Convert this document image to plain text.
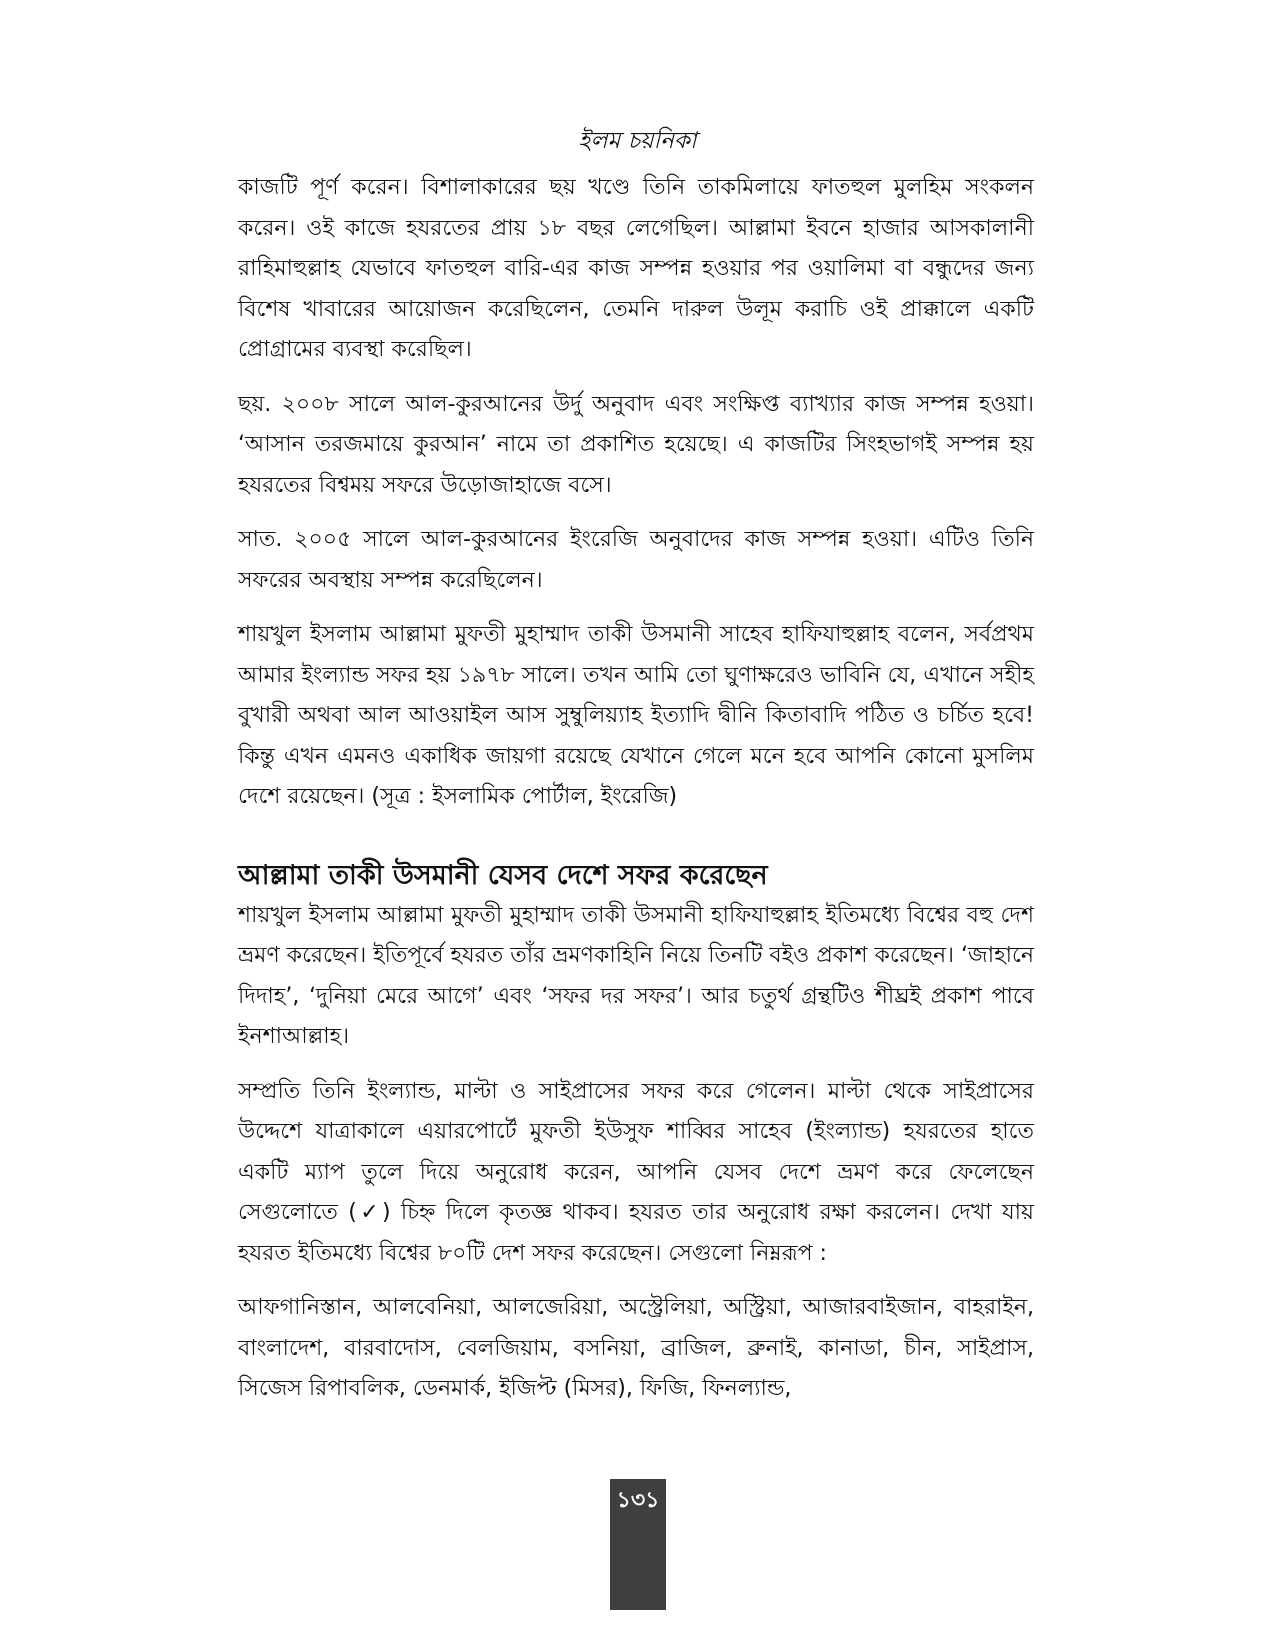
ইলম চয়নিকা

কাজটি পূর্ণ করেন। বিশালাকারের ছয় খণ্ডে তিনি তাকমিলায়ে ফাতহুল মুলহিম সংকলন করেন। ওই কাজে হযরতের প্রায় ১৮ বছর লেগেছিল। আল্লামা ইবনে হাজার আসকালানী রাহিমাহুল্লাহ যেভাবে ফাতহুল বারি-এর কাজ সম্পন্ন হওয়ার পর ওয়ালিমা বা বন্ধুদের জন্য বিশেষ খাবারের আয়োজন করেছিলেন, তেমনি দারুল উলূম করাচি ওই প্রাক্কালে একটি প্রোগ্রামের ব্যবস্থা করেছিল।

ছয়. ২০০৮ সালে আল-কুরআনের উর্দু অনুবাদ এবং সংক্ষিপ্ত ব্যাখ্যার কাজ সম্পন্ন হওয়া। ‘আসান তরজমায়ে কুরআন’ নামে তা প্রকাশিত হয়েছে। এ কাজটির সিংহভাগই সম্পন্ন হয় হযরতের বিশ্বময় সফরে উড়োজাহাজে বসে।

সাত. ২০০৫ সালে আল-কুরআনের ইংরেজি অনুবাদের কাজ সম্পন্ন হওয়া। এটিও তিনি সফরের অবস্থায় সম্পন্ন করেছিলেন।

শায়খুল ইসলাম আল্লামা মুফতী মুহাম্মাদ তাকী উসমানী সাহেব হাফিযাহুল্লাহ বলেন, সর্বপ্রথম আমার ইংল্যান্ড সফর হয় ১৯৭৮ সালে। তখন আমি তো ঘুণাক্ষরেও ভাবিনি যে, এখানে সহীহ বুখারী অথবা আল আওয়াইল আস সুম্বুলিয়্যাহ ইত্যাদি দ্বীনি কিতাবাদি পঠিত ও চর্চিত হবে! কিন্তু এখন এমনও একাধিক জায়গা রয়েছে যেখানে গেলে মনে হবে আপনি কোনো মুসলিম দেশে রয়েছেন। (সূত্র : ইসলামিক পোর্টাল, ইংরেজি)

আল্লামা তাকী উসমানী যেসব দেশে সফর করেছেন

শায়খুল ইসলাম আল্লামা মুফতী মুহাম্মাদ তাকী উসমানী হাফিযাহুল্লাহ ইতিমধ্যে বিশ্বের বহু দেশ ভ্রমণ করেছেন। ইতিপূর্বে হযরত তাঁর ভ্রমণকাহিনি নিয়ে তিনটি বইও প্রকাশ করেছেন। ‘জাহানে দিদাহ’, ‘দুনিয়া মেরে আগে’ এবং ‘সফর দর সফর’। আর চতুর্থ গ্রন্থটিও শীঘ্রই প্রকাশ পাবে ইনশাআল্লাহ।

সম্প্রতি তিনি ইংল্যান্ড, মাল্টা ও সাইপ্রাসের সফর করে গেলেন। মাল্টা থেকে সাইপ্রাসের উদ্দেশে যাত্রাকালে এয়ারপোর্টে মুফতী ইউসুফ শাব্বির সাহেব (ইংল্যান্ড) হযরতের হাতে একটি ম্যাপ তুলে দিয়ে অনুরোধ করেন, আপনি যেসব দেশে ভ্রমণ করে ফেলেছেন সেগুলোতে (✓) চিহ্ন দিলে কৃতজ্ঞ থাকব। হযরত তার অনুরোধ রক্ষা করলেন। দেখা যায় হযরত ইতিমধ্যে বিশ্বের ৮০টি দেশ সফর করেছেন। সেগুলো নিম্নরূপ :

আফগানিস্তান, আলবেনিয়া, আলজেরিয়া, অস্ট্রেলিয়া, অস্ট্রিয়া, আজারবাইজান, বাহরাইন, বাংলাদেশ, বারবাদোস, বেলজিয়াম, বসনিয়া, ব্রাজিল, ব্রুনাই, কানাডা, চীন, সাইপ্রাস, সিজেস রিপাবলিক, ডেনমার্ক, ইজিপ্ট (মিসর), ফিজি, ফিনল্যান্ড,

১৩১
